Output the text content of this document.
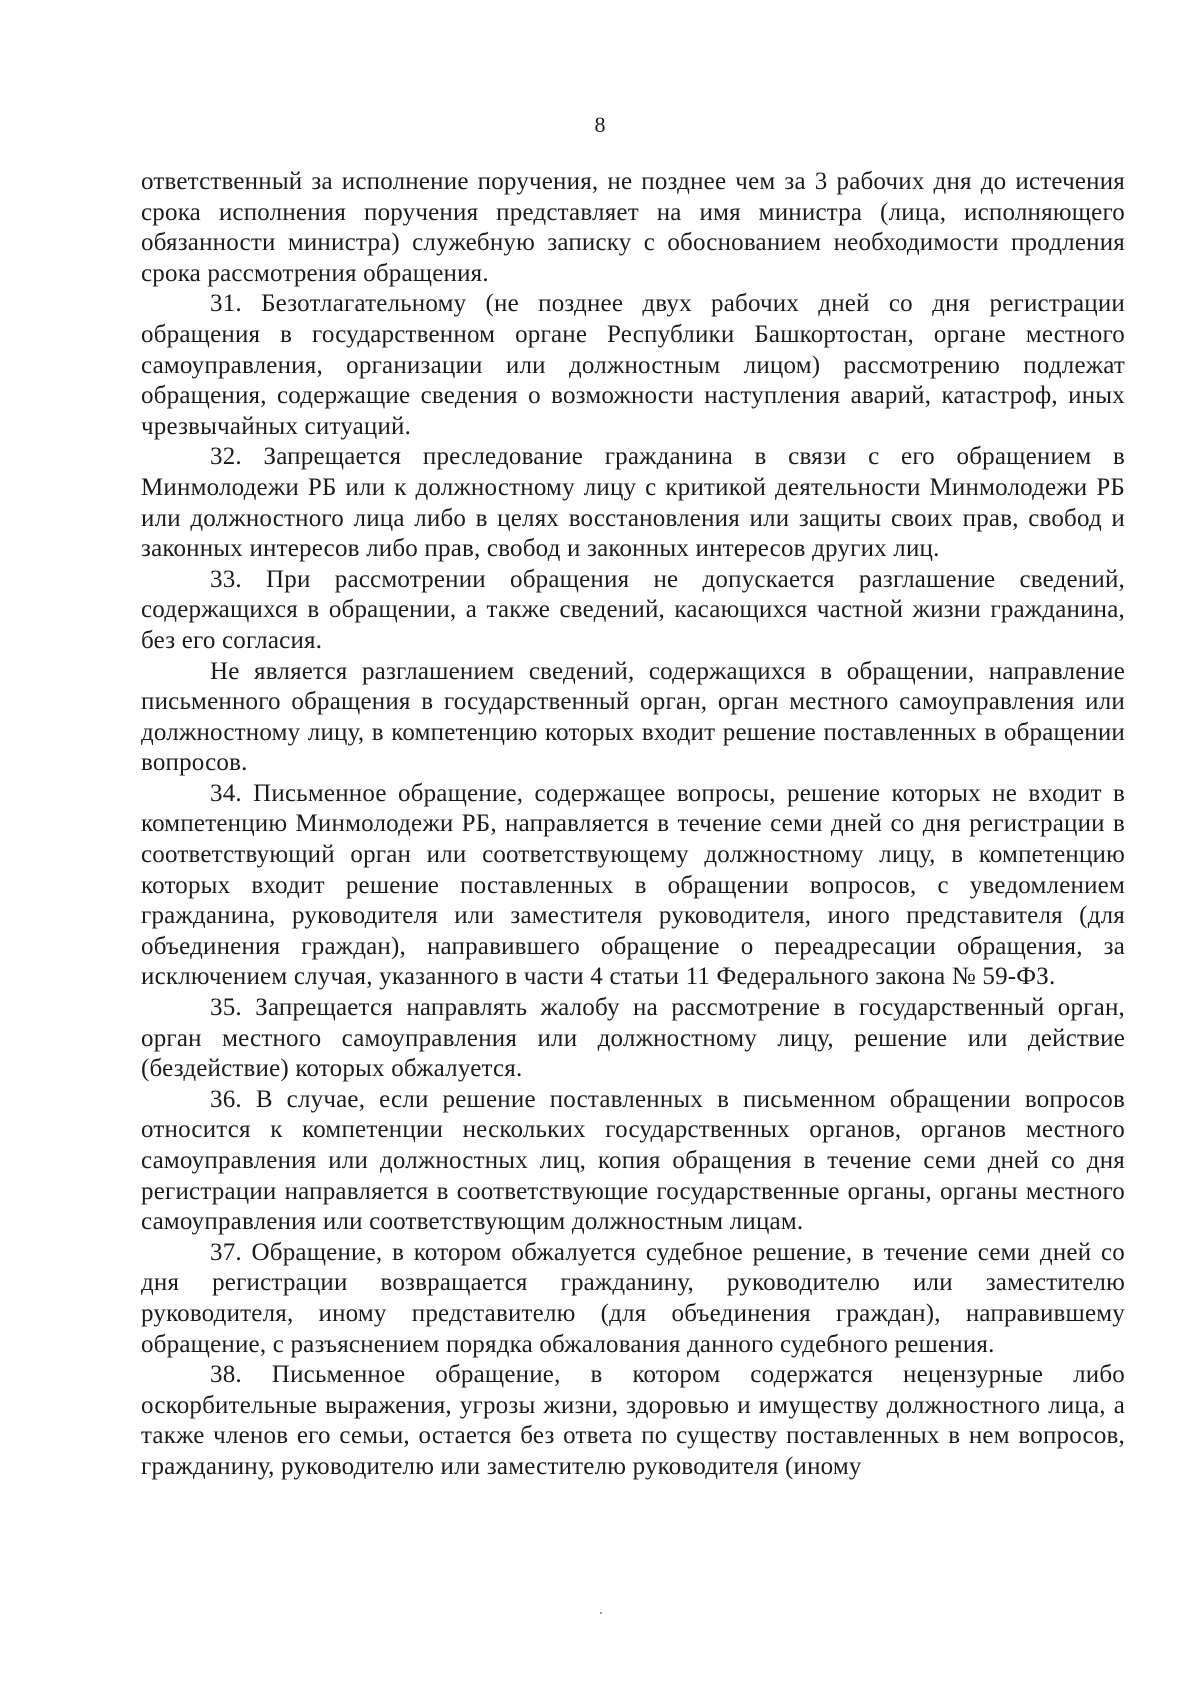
8

ответственный за исполнение поручения, не позднее чем за 3 рабочих дня до истечения срока исполнения поручения представляет на имя министра (лица, исполняющего обязанности министра) служебную записку с обоснованием необходимости продления срока рассмотрения обращения.

31. Безотлагательному (не позднее двух рабочих дней со дня регистрации обращения в государственном органе Республики Башкортостан, органе местного самоуправления, организации или должностным лицом) рассмотрению подлежат обращения, содержащие сведения о возможности наступления аварий, катастроф, иных чрезвычайных ситуаций.

32. Запрещается преследование гражданина в связи с его обращением в Минмолодежи РБ или к должностному лицу с критикой деятельности Минмолодежи РБ или должностного лица либо в целях восстановления или защиты своих прав, свобод и законных интересов либо прав, свобод и законных интересов других лиц.

33. При рассмотрении обращения не допускается разглашение сведений, содержащихся в обращении, а также сведений, касающихся частной жизни гражданина, без его согласия.

Не является разглашением сведений, содержащихся в обращении, направление письменного обращения в государственный орган, орган местного самоуправления или должностному лицу, в компетенцию которых входит решение поставленных в обращении вопросов.

34. Письменное обращение, содержащее вопросы, решение которых не входит в компетенцию Минмолодежи РБ, направляется в течение семи дней со дня регистрации в соответствующий орган или соответствующему должностному лицу, в компетенцию которых входит решение поставленных в обращении вопросов, с уведомлением гражданина, руководителя или заместителя руководителя, иного представителя (для объединения граждан), направившего обращение о переадресации обращения, за исключением случая, указанного в части 4 статьи 11 Федерального закона № 59-ФЗ.

35. Запрещается направлять жалобу на рассмотрение в государственный орган, орган местного самоуправления или должностному лицу, решение или действие (бездействие) которых обжалуется.

36. В случае, если решение поставленных в письменном обращении вопросов относится к компетенции нескольких государственных органов, органов местного самоуправления или должностных лиц, копия обращения в течение семи дней со дня регистрации направляется в соответствующие государственные органы, органы местного самоуправления или соответствующим должностным лицам.

37. Обращение, в котором обжалуется судебное решение, в течение семи дней со дня регистрации возвращается гражданину, руководителю или заместителю руководителя, иному представителю (для объединения граждан), направившему обращение, с разъяснением порядка обжалования данного судебного решения.

38. Письменное обращение, в котором содержатся нецензурные либо оскорбительные выражения, угрозы жизни, здоровью и имуществу должностного лица, а также членов его семьи, остается без ответа по существу поставленных в нем вопросов, гражданину, руководителю или заместителю руководителя (иному
